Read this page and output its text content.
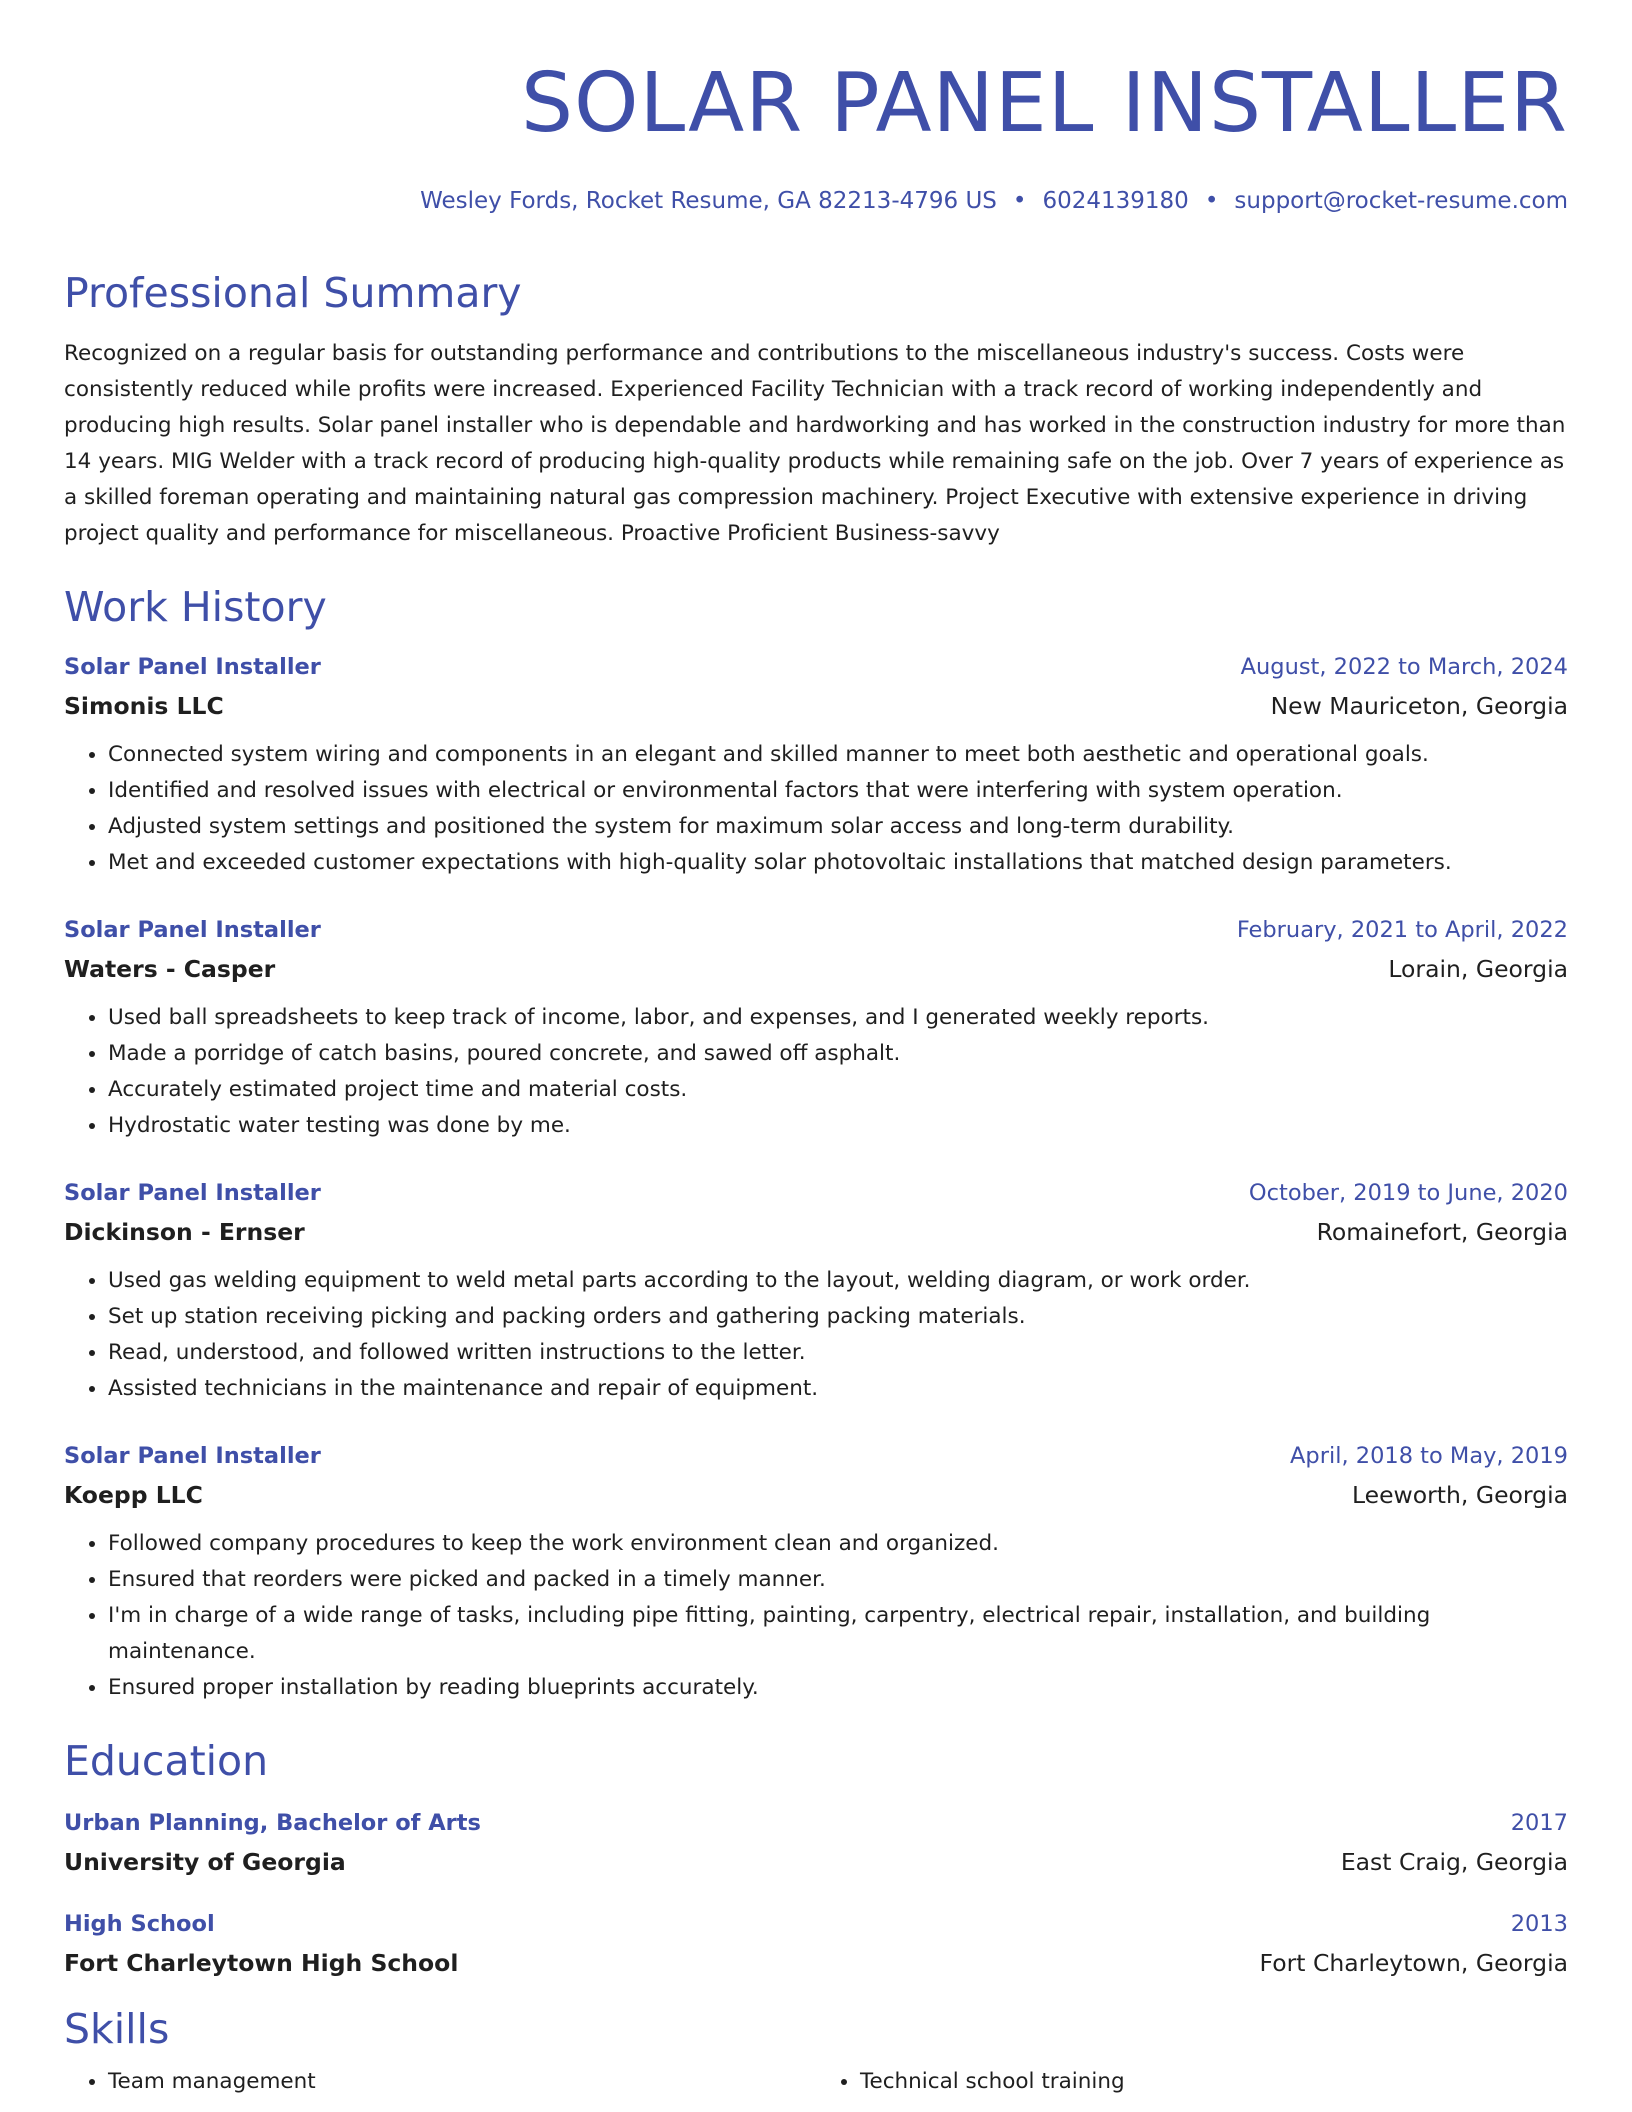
SOLAR PANEL INSTALLER
Wesley Fords, Rocket Resume, GA 82213-4796 US • 6024139180 • support@rocket-resume.com
Professional Summary
Recognized on a regular basis for outstanding performance and contributions to the miscellaneous industry's success. Costs were consistently reduced while profits were increased. Experienced Facility Technician with a track record of working independently and producing high results. Solar panel installer who is dependable and hardworking and has worked in the construction industry for more than 14 years. MIG Welder with a track record of producing high-quality products while remaining safe on the job. Over 7 years of experience as a skilled foreman operating and maintaining natural gas compression machinery. Project Executive with extensive experience in driving project quality and performance for miscellaneous. Proactive Proficient Business-savvy
Work History
Solar Panel Installer	August, 2022 to March, 2024
Simonis LLC	New Mauriceton, Georgia
• Connected system wiring and components in an elegant and skilled manner to meet both aesthetic and operational goals.
• Identified and resolved issues with electrical or environmental factors that were interfering with system operation.
• Adjusted system settings and positioned the system for maximum solar access and long-term durability.
• Met and exceeded customer expectations with high-quality solar photovoltaic installations that matched design parameters.
Solar Panel Installer	February, 2021 to April, 2022
Waters - Casper	Lorain, Georgia
• Used ball spreadsheets to keep track of income, labor, and expenses, and I generated weekly reports.
• Made a porridge of catch basins, poured concrete, and sawed off asphalt.
• Accurately estimated project time and material costs.
• Hydrostatic water testing was done by me.
Solar Panel Installer	October, 2019 to June, 2020
Dickinson - Ernser	Romainefort, Georgia
• Used gas welding equipment to weld metal parts according to the layout, welding diagram, or work order.
• Set up station receiving picking and packing orders and gathering packing materials.
• Read, understood, and followed written instructions to the letter.
• Assisted technicians in the maintenance and repair of equipment.
Solar Panel Installer	April, 2018 to May, 2019
Koepp LLC	Leeworth, Georgia
• Followed company procedures to keep the work environment clean and organized.
• Ensured that reorders were picked and packed in a timely manner.
• I'm in charge of a wide range of tasks, including pipe fitting, painting, carpentry, electrical repair, installation, and building maintenance.
• Ensured proper installation by reading blueprints accurately.
Education
Urban Planning, Bachelor of Arts	2017
University of Georgia	East Craig, Georgia
High School	2013
Fort Charleytown High School	Fort Charleytown, Georgia
Skills
• Team management
•	Technical school training
